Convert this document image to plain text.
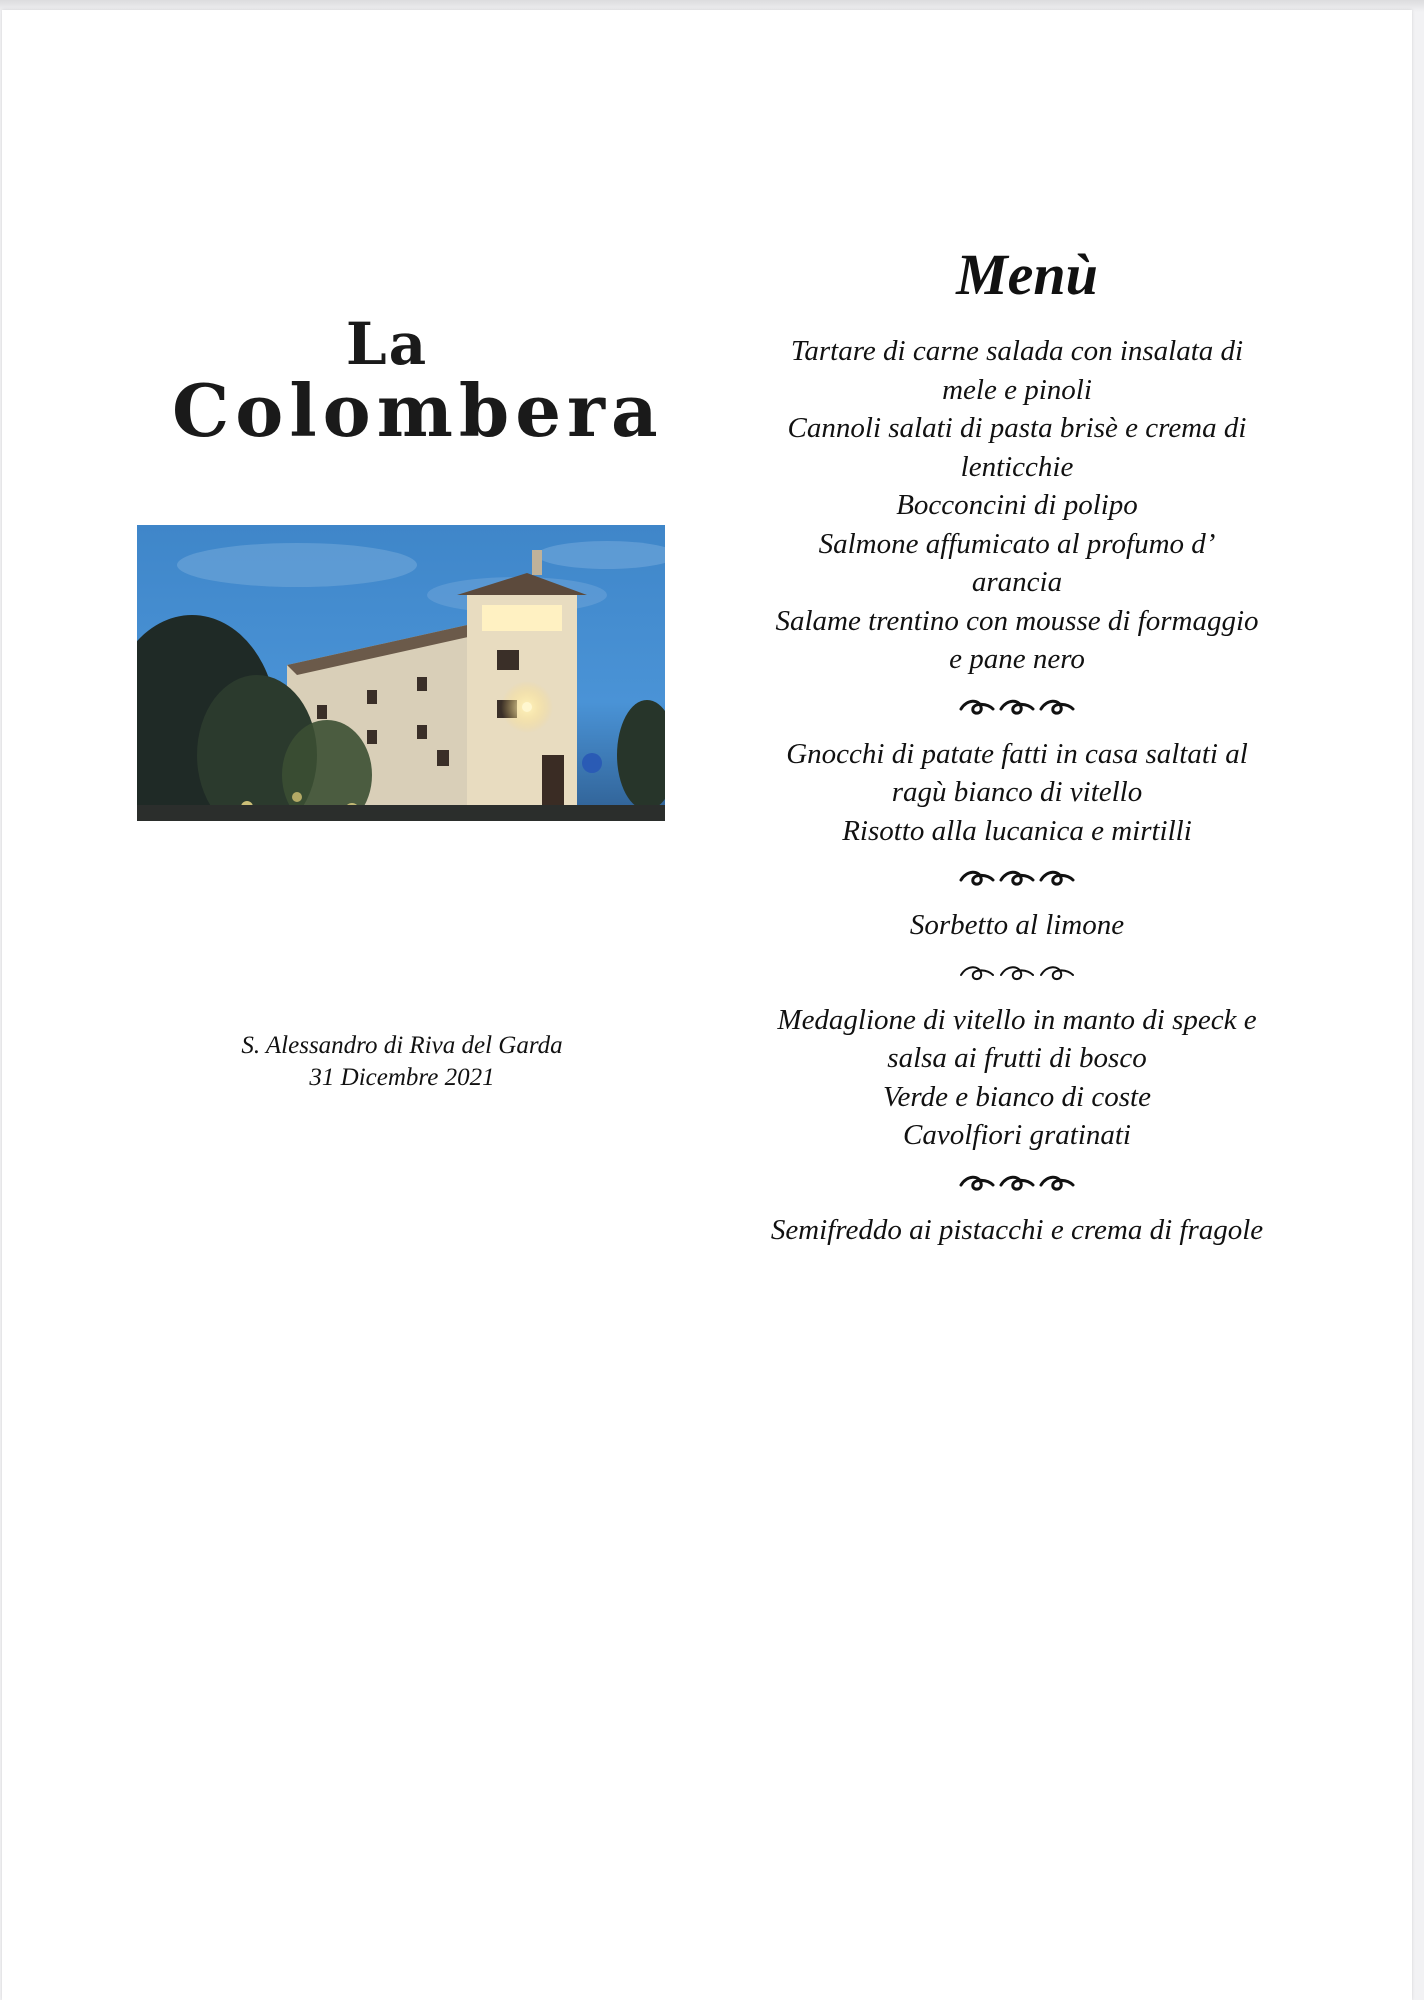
La
Colombera
S. Alessandro di Riva del Garda
31 Dicembre 2021
Menù
Tartare di carne salada con insalata di
mele e pinoli
Cannoli salati di pasta brisè e crema di
lenticchie
Bocconcini di polipo
Salmone affumicato al profumo d’
arancia
Salame trentino con mousse di formaggio
e pane nero
Gnocchi di patate fatti in casa saltati al
ragù bianco di vitello
Risotto alla lucanica e mirtilli
Sorbetto al limone
Medaglione di vitello in manto di speck e
salsa ai frutti di bosco
Verde e bianco di coste
Cavolfiori gratinati
Semifreddo ai pistacchi e crema di fragole
